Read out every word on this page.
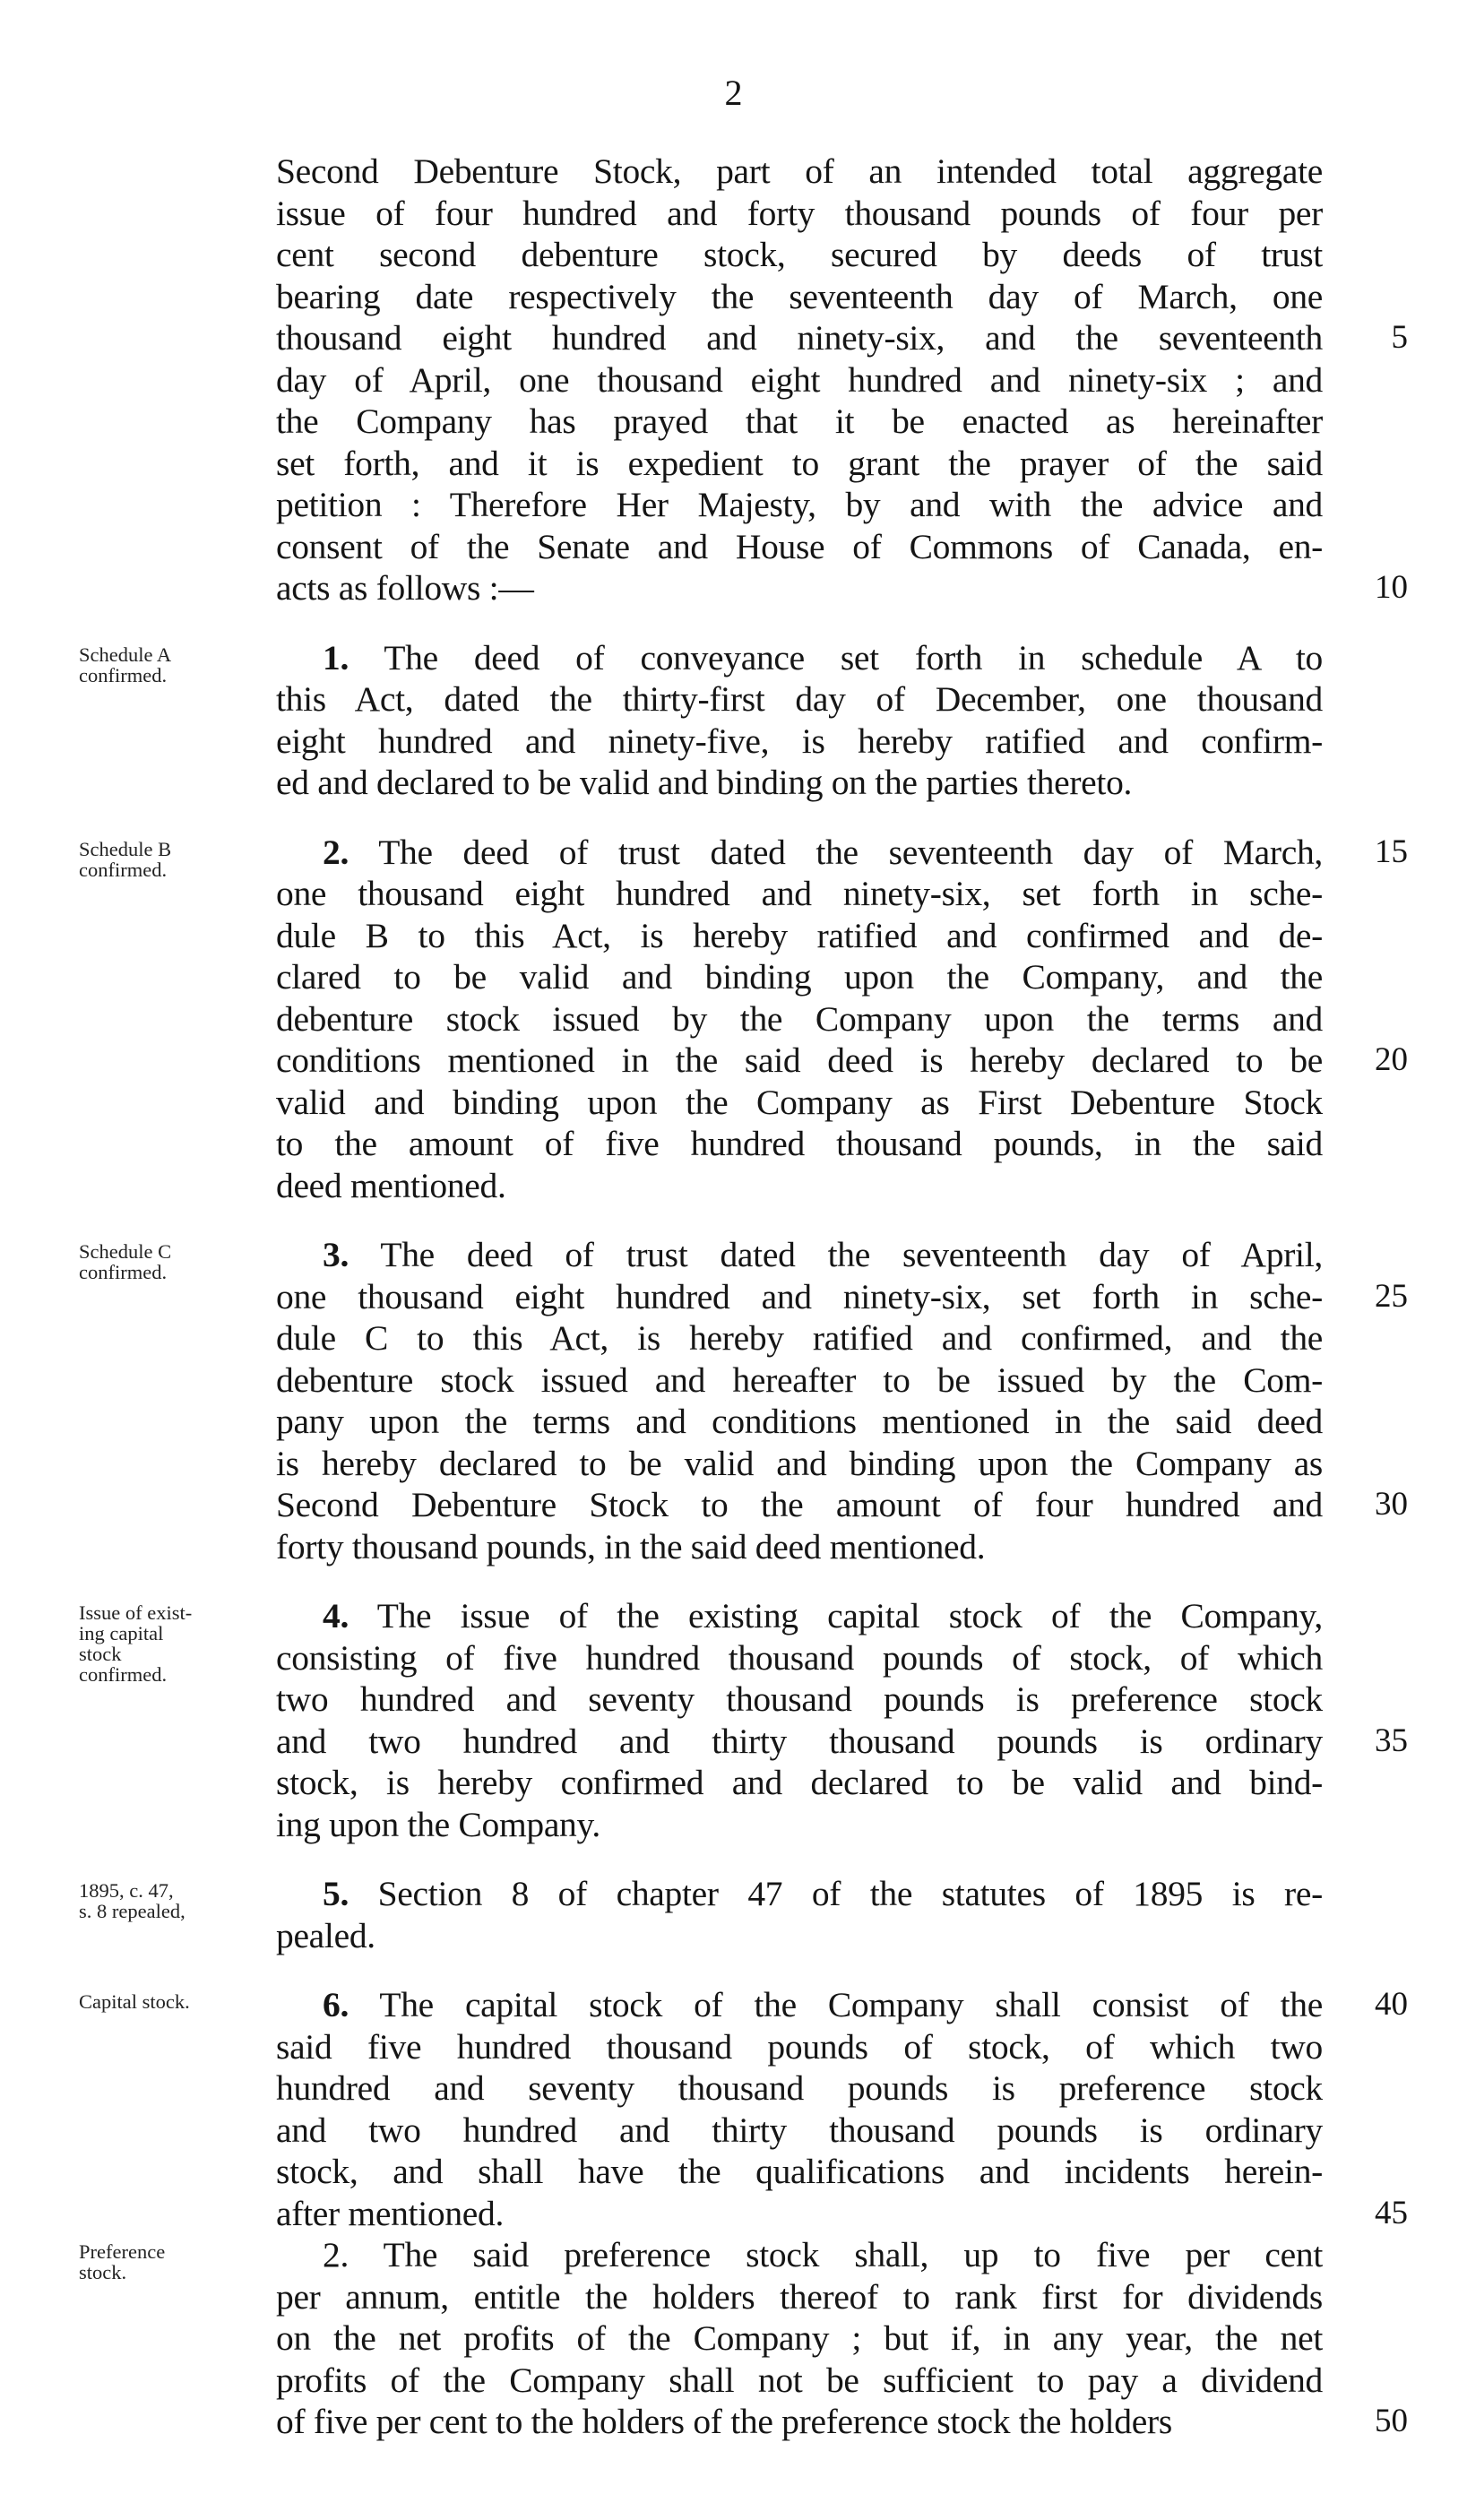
2
Second Debenture Stock, part of an intended total aggregate
issue of four hundred and forty thousand pounds of four per
cent second debenture stock, secured by deeds of trust
bearing date respectively the seventeenth day of March, one
thousand eight hundred and ninety-six, and the seventeenth	5
day of April, one thousand eight hundred and ninety-six ; and
the Company has prayed that it be enacted as hereinafter
set forth, and it is expedient to grant the prayer of the said
petition : Therefore Her Majesty, by and with the advice and
consent of the Senate and House of Commons of Canada, en-
acts as follows :—	10
Schedule A
confirmed.	1. The deed of conveyance set forth in schedule A to
this Act, dated the thirty-first day of December, one thousand
eight hundred and ninety-five, is hereby ratified and confirm-
ed and declared to be valid and binding on the parties thereto.
Schedule B
confirmed.	2. The deed of trust dated the seventeenth day of March,	15
one thousand eight hundred and ninety-six, set forth in sche-
dule B to this Act, is hereby ratified and confirmed and de-
clared to be valid and binding upon the Company, and the
debenture stock issued by the Company upon the terms and
conditions mentioned in the said deed is hereby declared to be	20
valid and binding upon the Company as First Debenture Stock
to the amount of five hundred thousand pounds, in the said
deed mentioned.
Schedule C
confirmed.	3. The deed of trust dated the seventeenth day of April,
one thousand eight hundred and ninety-six, set forth in sche-	25
dule C to this Act, is hereby ratified and confirmed, and the
debenture stock issued and hereafter to be issued by the Com-
pany upon the terms and conditions mentioned in the said deed
is hereby declared to be valid and binding upon the Company as
Second Debenture Stock to the amount of four hundred and	30
forty thousand pounds, in the said deed mentioned.
Issue of exist-
ing capital
stock
confirmed.
4. The issue of the existing capital stock of the Company,
consisting of five hundred thousand pounds of stock, of which
two hundred and seventy thousand pounds is preference stock
and two hundred and thirty thousand pounds is ordinary	35
stock, is hereby confirmed and declared to be valid and bind-
ing upon the Company.
1895, c. 47,
s. 8 repealed,	5. Section 8 of chapter 47 of the statutes of 1895 is re-
pealed.
Capital stock.	6. The capital stock of the Company shall consist of the	40
said five hundred thousand pounds of stock, of which two
hundred and seventy thousand pounds is preference stock
and two hundred and thirty thousand pounds is ordinary
stock, and shall have the qualifications and incidents herein-
after mentioned.	45
Preference
stock.	2. The said preference stock shall, up to five per cent
per annum, entitle the holders thereof to rank first for dividends
on the net profits of the Company ; but if, in any year, the net
profits of the Company shall not be sufficient to pay a dividend
of five per cent to the holders of the preference stock the holders	50
